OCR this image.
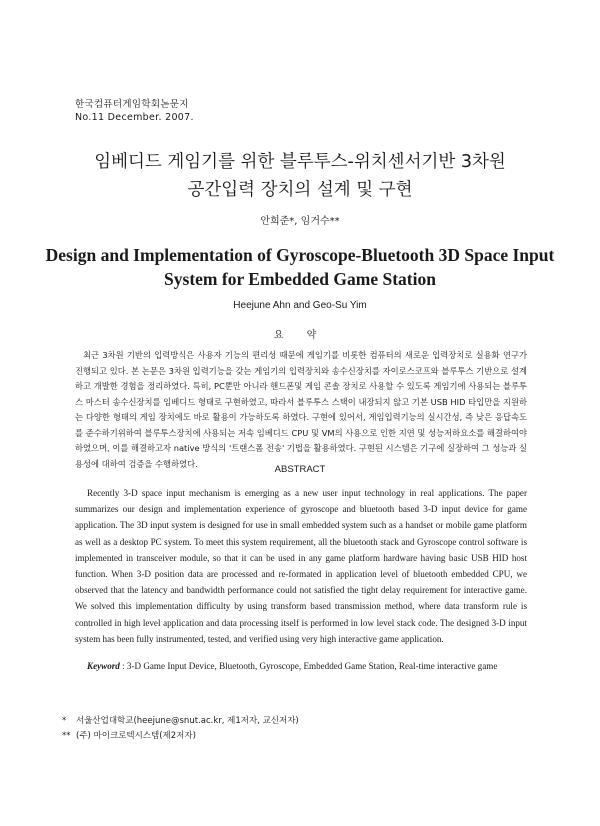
한국컴퓨터게임학회논문지
No.11 December. 2007.
임베디드 게임기를 위한 블루투스-위치센서기반 3차원
공간입력 장치의 설계 및 구현
안희준*, 임거수**
Design and Implementation of Gyroscope-Bluetooth 3D Space Input
System for Embedded Game Station
Heejune Ahn and Geo-Su Yim
요 약
최근 3차원 기반의 입력방식은 사용자 기능의 편리성 때문에 게임기를 비롯한 컴퓨터의 새로운 입력장치로 실용화 연구가 진행되고 있다. 본 논문은 3차원 입력기능을 갖는 게임기의 입력장치와 송수신장치를 자이로스코프와 블루투스 기반으로 설계하고 개발한 경험을 정리하였다. 특히, PC뿐만 아니라 핸드폰및 게임 콘솔 장치로 사용할 수 있도록 게임기에 사용되는 블루투스 마스터 송수신장치를 임베디드 형태로 구현하였고, 따라서 블루투스 스택이 내장되지 않고 기본 USB HID 타입만을 지원하는 다양한 형태의 게임 장치에도 바로 활용이 가능하도록 하였다. 구현에 있어서, 게임입력기능의 실시간성, 즉 낮은 응답속도를 준수하기위하여 블루투스장치에 사용되는 저속 임베디드 CPU 및 VM의 사용으로 인한 지연 및 성능저하요소를 해결하여야 하였으며, 이를 해결하고자 native 방식의 '트랜스폼 전송' 기법을 활용하였다. 구현된 시스템은 기구에 실장하여 그 성능과 실용성에 대하여 검증을 수행하였다.
ABSTRACT
Recently 3-D space input mechanism is emerging as a new user input technology in real applications. The paper summarizes our design and implementation experience of gyroscope and bluetooth based 3-D input device for game application. The 3D input system is designed for use in small embedded system such as a handset or mobile game platform as well as a desktop PC system. To meet this system requirement, all the bluetooth stack and Gyroscope control software is implemented in transceiver module, so that it can be used in any game platform hardware having basic USB HID host function. When 3-D position data are processed and re-formated in application level of bluetooth embedded CPU, we observed that the latency and bandwidth performance could not satisfied the tight delay requirement for interactive game. We solved this implementation difficulty by using transform based transmission method, where data transform rule is controlled in high level application and data processing itself is performed in low level stack code. The designed 3-D input system has been fully instrumented, tested, and verified using very high interactive game application.
Keyword : 3-D Game Input Device, Bluetooth, Gyroscope, Embedded Game Station, Real-time interactive game
* 서울산업대학교(heejune@snut.ac.kr, 제1저자, 교신저자)
** (주) 마이크로텍시스템(제2저자)
